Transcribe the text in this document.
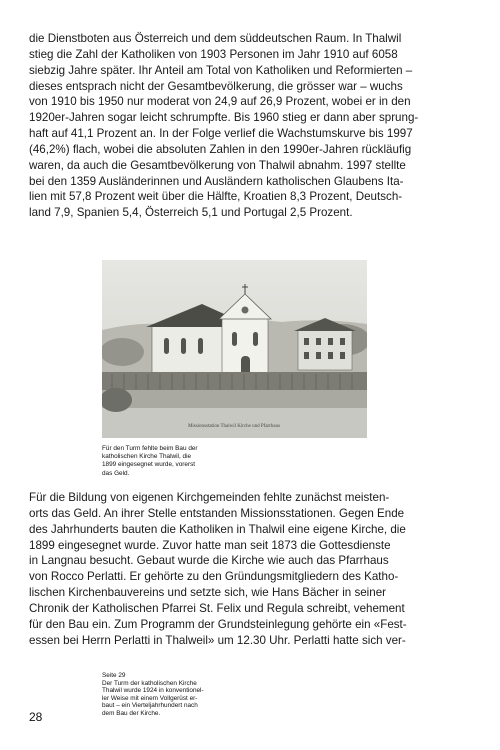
die Dienstboten aus Österreich und dem süddeutschen Raum. In Thalwil
stieg die Zahl der Katholiken von 1903 Personen im Jahr 1910 auf 6058
siebzig Jahre später. Ihr Anteil am Total von Katholiken und Reformierten –
dieses entsprach nicht der Gesamtbevölkerung, die grösser war – wuchs
von 1910 bis 1950 nur moderat von 24,9 auf 26,9 Prozent, wobei er in den
1920er-Jahren sogar leicht schrumpfte. Bis 1960 stieg er dann aber sprung-
haft auf 41,1 Prozent an. In der Folge verlief die Wachstumskurve bis 1997
(46,2%) flach, wobei die absoluten Zahlen in den 1990er-Jahren rückläufig
waren, da auch die Gesamtbevölkerung von Thalwil abnahm. 1997 stellte
bei den 1359 Ausländerinnen und Ausländern katholischen Glaubens Ita-
lien mit 57,8 Prozent weit über die Hälfte, Kroatien 8,3 Prozent, Deutsch-
land 7,9, Spanien 5,4, Österreich 5,1 und Portugal 2,5 Prozent.
Missionsstation Thalwil Kirche und Pfarrhaus
Für den Turm fehlte beim Bau der
katholischen Kirche Thalwil, die
1899 eingesegnet wurde, vorerst
das Geld.
Für die Bildung von eigenen Kirchgemeinden fehlte zunächst meisten-
orts das Geld. An ihrer Stelle entstanden Missionsstationen. Gegen Ende
des Jahrhunderts bauten die Katholiken in Thalwil eine eigene Kirche, die
1899 eingesegnet wurde. Zuvor hatte man seit 1873 die Gottesdienste
in Langnau besucht. Gebaut wurde die Kirche wie auch das Pfarrhaus
von Rocco Perlatti. Er gehörte zu den Gründungsmitgliedern des Katho-
lischen Kirchenbauvereins und setzte sich, wie Hans Bächer in seiner
Chronik der Katholischen Pfarrei St. Felix und Regula schreibt, vehement
für den Bau ein. Zum Programm der Grundsteinlegung gehörte ein «Fest-
essen bei Herrn Perlatti in Thalweil» um 12.30 Uhr. Perlatti hatte sich ver-
Seite 29
Der Turm der katholischen Kirche
Thalwil wurde 1924 in konventionel-
ler Weise mit einem Vollgerüst er-
baut – ein Vierteljahrhundert nach
dem Bau der Kirche.
28
